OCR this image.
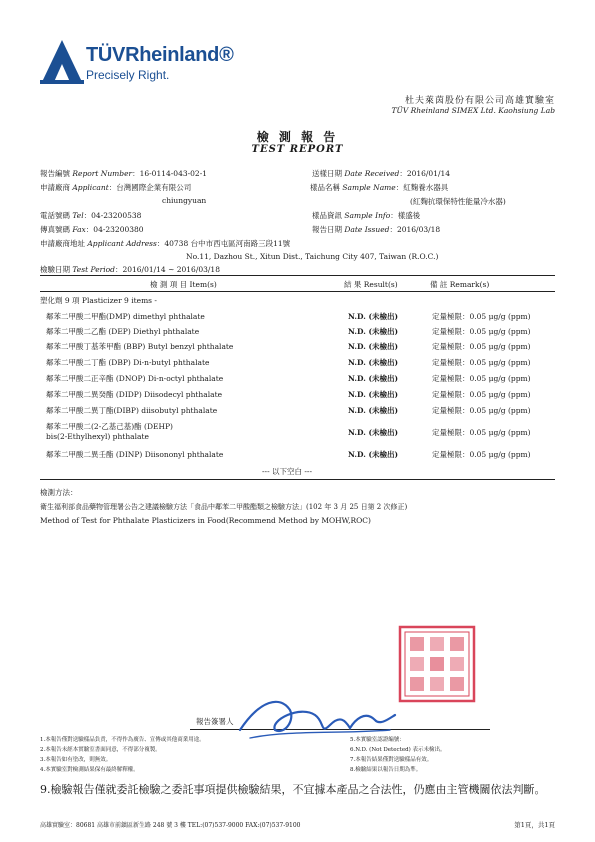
TÜVRheinland®
Precisely Right.
杜夫萊茵股份有限公司高雄實驗室
TÜV Rheinland SIMEX Ltd. Kaohsiung Lab
檢 測 報 告
TEST REPORT
報告編號 Report Number：16-0114-043-02-1	送樣日期 Date Received：2016/01/14
申請廠商 Applicant：台灣國際企業有限公司	樣品名稱 Sample Name：紅麴養水器具
chiungyuan	(紅麴抗環保特性能量冷水器)
電話號碼 Tel：04-23200538	樣品資訊 Sample Info：樣盛後
傳真號碼 Fax：04-23200380	報告日期 Date Issued：2016/03/18
申請廠商地址 Applicant Address：40738 台中市西屯區河南路三段11號
No.11, Dazhou St., Xitun Dist., Taichung City 407, Taiwan (R.O.C.)
檢驗日期 Test Period：2016/01/14 ~ 2016/03/18
檢 測 項 目 Item(s)	結 果 Result(s)	備 註 Remark(s)
塑化劑 9 項 Plasticizer 9 items -
鄰苯二甲酸二甲酯(DMP) dimethyl phthalate	N.D. (未檢出)	定量極限：0.05 μg/g (ppm)
鄰苯二甲酸二乙酯 (DEP) Diethyl phthalate	N.D. (未檢出)	定量極限：0.05 μg/g (ppm)
鄰苯二甲酸丁基苯甲酯 (BBP) Butyl benzyl phthalate	N.D. (未檢出)	定量極限：0.05 μg/g (ppm)
鄰苯二甲酸二丁酯 (DBP) Di-n-butyl phthalate	N.D. (未檢出)	定量極限：0.05 μg/g (ppm)
鄰苯二甲酸二正辛酯 (DNOP) Di-n-octyl phthalate	N.D. (未檢出)	定量極限：0.05 μg/g (ppm)
鄰苯二甲酸二異癸酯 (DIDP) Diisodecyl phthalate	N.D. (未檢出)	定量極限：0.05 μg/g (ppm)
鄰苯二甲酸二異丁酯(DIBP) diisobutyl phthalate	N.D. (未檢出)	定量極限：0.05 μg/g (ppm)
鄰苯二甲酸二(2-乙基己基)酯 (DEHP)
bis(2-Ethylhexyl) phthalate	N.D. (未檢出)	定量極限：0.05 μg/g (ppm)
鄰苯二甲酸二異壬酯 (DINP) Diisononyl phthalate	N.D. (未檢出)	定量極限：0.05 μg/g (ppm)
--- 以下空白 ---
檢測方法：
衛生福利部食品藥物管理署公告之建議檢驗方法「食品中鄰苯二甲酸酯類之檢驗方法」(102 年 3 月 25 日第 2 次修正)
Method of Test for Phthalate Plasticizers in Food(Recommend Method by MOHW,ROC)
報告簽署人
1.本報告僅對送驗樣品負責，不得作為廣告、宣傳或其他商業用途。
2.本報告未經本實驗室書面同意，不得部分複製。
3.本報告如有塗改，則無效。
4.本實驗室對檢測結果保有最終解釋權。
5.本實驗室認證編號：
6.N.D. (Not Detected) 表示未檢出。
7.本報告結果僅對送驗樣品有效。
8.檢驗結果以報告日期為準。
9.檢驗報告僅就委託檢驗之委託事項提供檢驗結果，不宜據本產品之合法性，仍應由主管機關依法判斷。
高雄實驗室：80681 高雄市前鎮區新生路 248 號 3 樓 TEL:(07)537-9000 FAX:(07)537-9100	第1頁，共1頁
